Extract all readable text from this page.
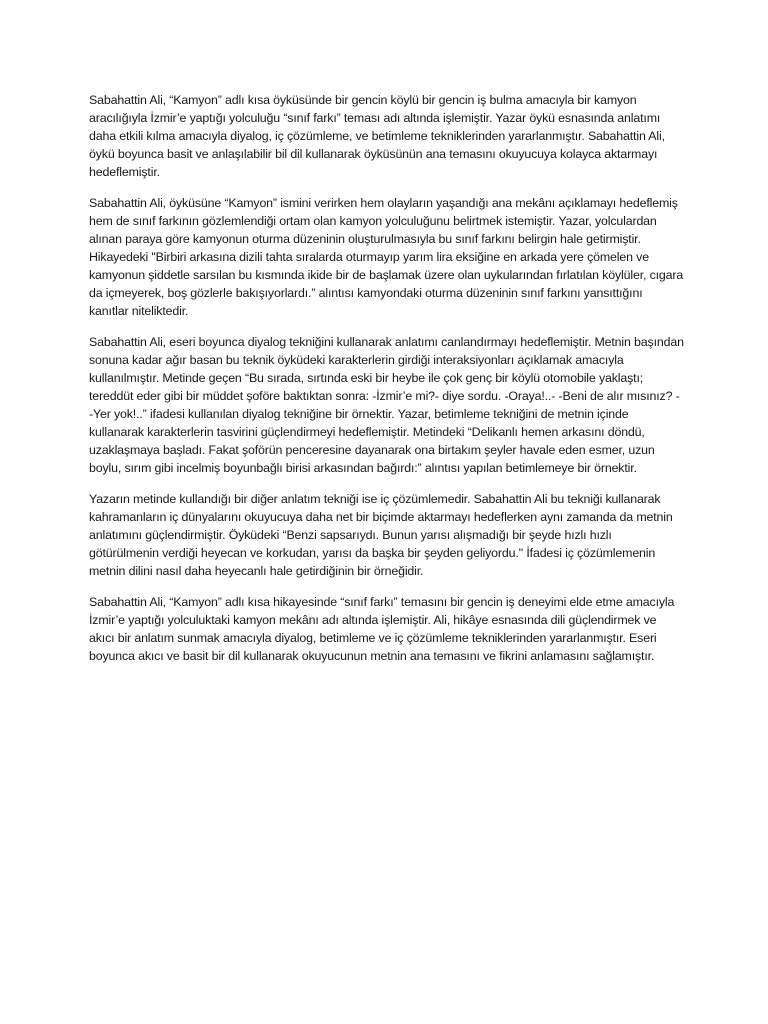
Sabahattin Ali, “Kamyon” adlı kısa öyküsünde bir gencin köylü bir gencin iş bulma amacıyla bir kamyon aracılığıyla İzmir’e yaptığı yolculuğu “sınıf farkı” teması adı altında işlemiştir. Yazar öykü esnasında anlatımı daha etkili kılma amacıyla diyalog, iç çözümleme, ve betimleme tekniklerinden yararlanmıştır. Sabahattin Ali, öykü boyunca basit ve anlaşılabilir bil dil kullanarak öyküsünün ana temasını okuyucuya kolayca aktarmayı hedeflemiştir.

Sabahattin Ali, öyküsüne “Kamyon” ismini verirken hem olayların yaşandığı ana mekânı açıklamayı hedeflemiş hem de sınıf farkının gözlemlendiği ortam olan kamyon yolculuğunu belirtmek istemiştir. Yazar, yolculardan alınan paraya göre kamyonun oturma düzeninin oluşturulmasıyla bu sınıf farkını belirgin hale getirmiştir. Hikayedeki "Birbiri arkasına dizili tahta sıralarda oturmayıp yarım lira eksiğine en arkada yere çömelen ve kamyonun şiddetle sarsılan bu kısmında ikide bir de başlamak üzere olan uykularından fırlatılan köylüler, cıgara da içmeyerek, boş gözlerle bakışıyorlardı.” alıntısı kamyondaki oturma düzeninin sınıf farkını yansıttığını kanıtlar niteliktedir.

Sabahattin Ali, eseri boyunca diyalog tekniğini kullanarak anlatımı canlandırmayı hedeflemiştir. Metnin başından sonuna kadar ağır basan bu teknik öyküdeki karakterlerin girdiği interaksiyonları açıklamak amacıyla kullanılmıştır. Metinde geçen “Bu sırada, sırtında eski bir heybe ile çok genç bir köylü otomobile yaklaştı; tereddüt eder gibi bir müddet şoföre baktıktan sonra: -İzmir’e mi?- diye sordu. -Oraya!..- -Beni de alır mısınız? - -Yer yok!..” ifadesi kullanılan diyalog tekniğine bir örnektir. Yazar, betimleme tekniğini de metnin içinde kullanarak karakterlerin tasvirini güçlendirmeyi hedeflemiştir. Metindeki “Delikanlı hemen arkasını döndü, uzaklaşmaya başladı. Fakat şoförün penceresine dayanarak ona birtakım şeyler havale eden esmer, uzun boylu, sırım gibi incelmiş boyunbağlı birisi arkasından bağırdı:” alıntısı yapılan betimlemeye bir örnektir.

Yazarın metinde kullandığı bir diğer anlatım tekniği ise iç çözümlemedir. Sabahattin Ali bu tekniği kullanarak kahramanların iç dünyalarını okuyucuya daha net bir biçimde aktarmayı hedeflerken aynı zamanda da metnin anlatımını güçlendirmiştir. Öyküdeki “Benzi sapsarıydı. Bunun yarısı alışmadığı bir şeyde hızlı hızlı götürülmenin verdiği heyecan ve korkudan, yarısı da başka bir şeyden geliyordu.'' İfadesi iç çözümlemenin metnin dilini nasıl daha heyecanlı hale getirdiğinin bir örneğidir.

Sabahattin Ali, “Kamyon” adlı kısa hikayesinde “sınıf farkı” temasını bir gencin iş deneyimi elde etme amacıyla İzmir’e yaptığı yolculuktaki kamyon mekânı adı altında işlemiştir. Ali, hikâye esnasında dili güçlendirmek ve akıcı bir anlatım sunmak amacıyla diyalog, betimleme ve iç çözümleme tekniklerinden yararlanmıştır. Eseri boyunca akıcı ve basit bir dil kullanarak okuyucunun metnin ana temasını ve fikrini anlamasını sağlamıştır.
